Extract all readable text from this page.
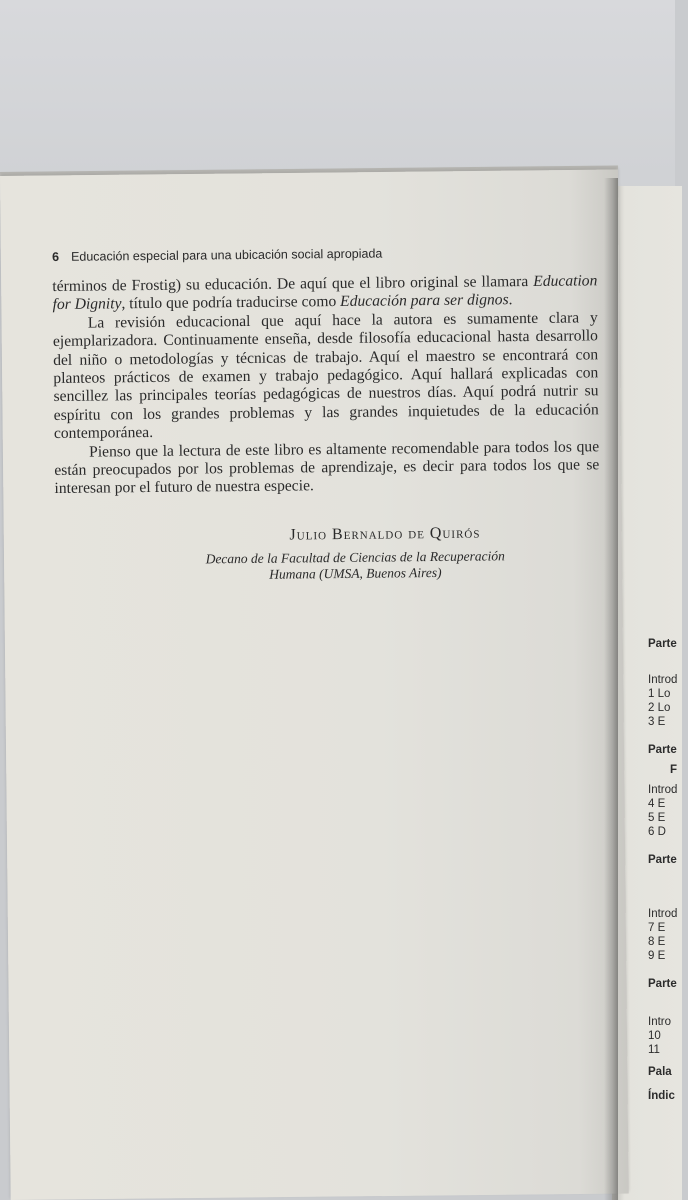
6 Educación especial para una ubicación social apropiada

términos de Frostig) su educación. De aquí que el libro original se llamara Education for Dignity, título que podría traducirse como Educación para ser dignos.

La revisión educacional que aquí hace la autora es sumamente clara y ejemplarizadora. Continuamente enseña, desde filosofía educacional hasta desarrollo del niño o metodologías y técnicas de trabajo. Aquí el maestro se encontrará con planteos prácticos de examen y trabajo pedagógico. Aquí hallará explicadas con sencillez las principales teorías pedagógicas de nuestros días. Aquí podrá nutrir su espíritu con los grandes problemas y las grandes inquietudes de la educación contemporánea.

Pienso que la lectura de este libro es altamente recomendable para todos los que están preocupados por los problemas de aprendizaje, es decir para todos los que se interesan por el futuro de nuestra especie.

Julio Bernaldo de Quirós
Decano de la Facultad de Ciencias de la Recuperación
Humana (UMSA, Buenos Aires)
Parte
Introd
1 Lo
2 Lo
3 E
Parte
F
Introd
4 E
5 E
6 D
Parte
Introd
7 E
8 E
9 E
Parte
Intro
10
11
Pala
Índic
